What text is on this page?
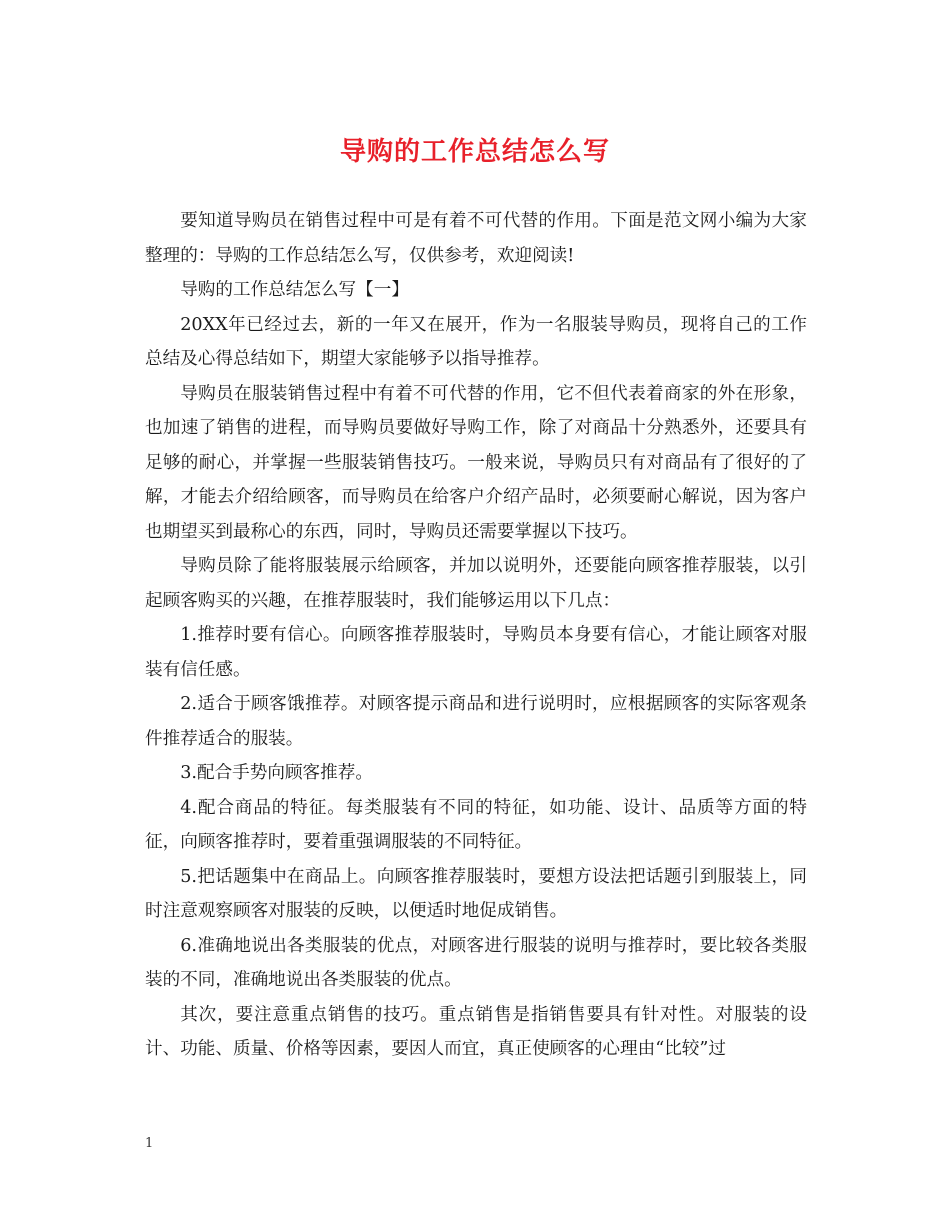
导购的工作总结怎么写

要知道导购员在销售过程中可是有着不可代替的作用。下面是范文网小编为大家整理的：导购的工作总结怎么写，仅供参考，欢迎阅读!

导购的工作总结怎么写【一】

20XX年已经过去，新的一年又在展开，作为一名服装导购员，现将自己的工作总结及心得总结如下，期望大家能够予以指导推荐。

导购员在服装销售过程中有着不可代替的作用，它不但代表着商家的外在形象，也加速了销售的进程，而导购员要做好导购工作，除了对商品十分熟悉外，还要具有足够的耐心，并掌握一些服装销售技巧。一般来说，导购员只有对商品有了很好的了解，才能去介绍给顾客，而导购员在给客户介绍产品时，必须要耐心解说，因为客户也期望买到最称心的东西，同时，导购员还需要掌握以下技巧。

导购员除了能将服装展示给顾客，并加以说明外，还要能向顾客推荐服装，以引起顾客购买的兴趣，在推荐服装时，我们能够运用以下几点：

1.推荐时要有信心。向顾客推荐服装时，导购员本身要有信心，才能让顾客对服装有信任感。

2.适合于顾客饿推荐。对顾客提示商品和进行说明时，应根据顾客的实际客观条件推荐适合的服装。

3.配合手势向顾客推荐。

4.配合商品的特征。每类服装有不同的特征，如功能、设计、品质等方面的特征，向顾客推荐时，要着重强调服装的不同特征。

5.把话题集中在商品上。向顾客推荐服装时，要想方设法把话题引到服装上，同时注意观察顾客对服装的反映，以便适时地促成销售。

6.准确地说出各类服装的优点，对顾客进行服装的说明与推荐时，要比较各类服装的不同，准确地说出各类服装的优点。

其次，要注意重点销售的技巧。重点销售是指销售要具有针对性。对服装的设计、功能、质量、价格等因素，要因人而宜，真正使顾客的心理由“比较”过

1
